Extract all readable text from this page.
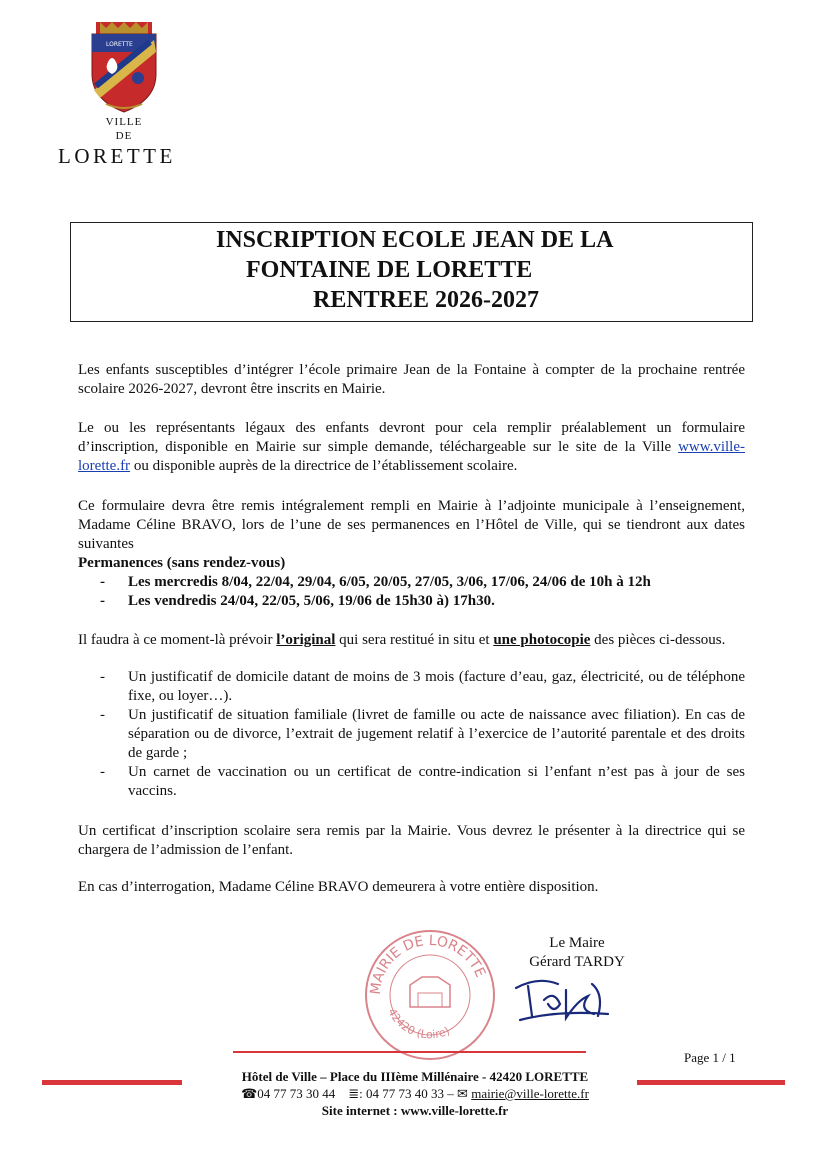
LORETTE
VILLE
DE
LORETTE
INSCRIPTION ECOLE JEAN DE LA
FONTAINE DE LORETTE
RENTREE 2026-2027

Les enfants susceptibles d’intégrer l’école primaire Jean de la Fontaine à compter de la prochaine rentrée scolaire 2026-2027, devront être inscrits en Mairie.

Le ou les représentants légaux des enfants devront pour cela remplir préalablement un formulaire d’inscription, disponible en Mairie sur simple demande, téléchargeable sur le site de la Ville www.ville-lorette.fr ou disponible auprès de la directrice de l’établissement scolaire.

Ce formulaire devra être remis intégralement rempli en Mairie à l’adjointe municipale à l’enseignement, Madame Céline BRAVO, lors de l’une de ses permanences en l’Hôtel de Ville, qui se tiendront aux dates suivantes

Permanences (sans rendez-vous)

- Les mercredis 8/04, 22/04, 29/04, 6/05, 20/05, 27/05, 3/06, 17/06, 24/06 de 10h à 12h
- Les vendredis 24/04, 22/05, 5/06, 19/06 de 15h30 à) 17h30.

Il faudra à ce moment-là prévoir l’original qui sera restitué in situ et une photocopie des pièces ci-dessous.

- Un justificatif de domicile datant de moins de 3 mois (facture d’eau, gaz, électricité, ou de téléphone fixe, ou loyer…).
- Un justificatif de situation familiale (livret de famille ou acte de naissance avec filiation). En cas de séparation ou de divorce, l’extrait de jugement relatif à l’exercice de l’autorité parentale et des droits de garde ;
- Un carnet de vaccination ou un certificat de contre-indication si l’enfant n’est pas à jour de ses vaccins.

Un certificat d’inscription scolaire sera remis par la Mairie. Vous devrez le présenter à la directrice qui se chargera de l’admission de l’enfant.

En cas d’interrogation, Madame Céline BRAVO demeurera à votre entière disposition.

MAIRIE DE LORETTE
42420 (Loire)
Le Maire
Gérard TARDY
Page 1 / 1
Hôtel de Ville – Place du IIIème Millénaire - 42420 LORETTE
☎04 77 73 30 44 ≣: 04 77 73 40 33 – ✉ mairie@ville-lorette.fr
Site internet : www.ville-lorette.fr
